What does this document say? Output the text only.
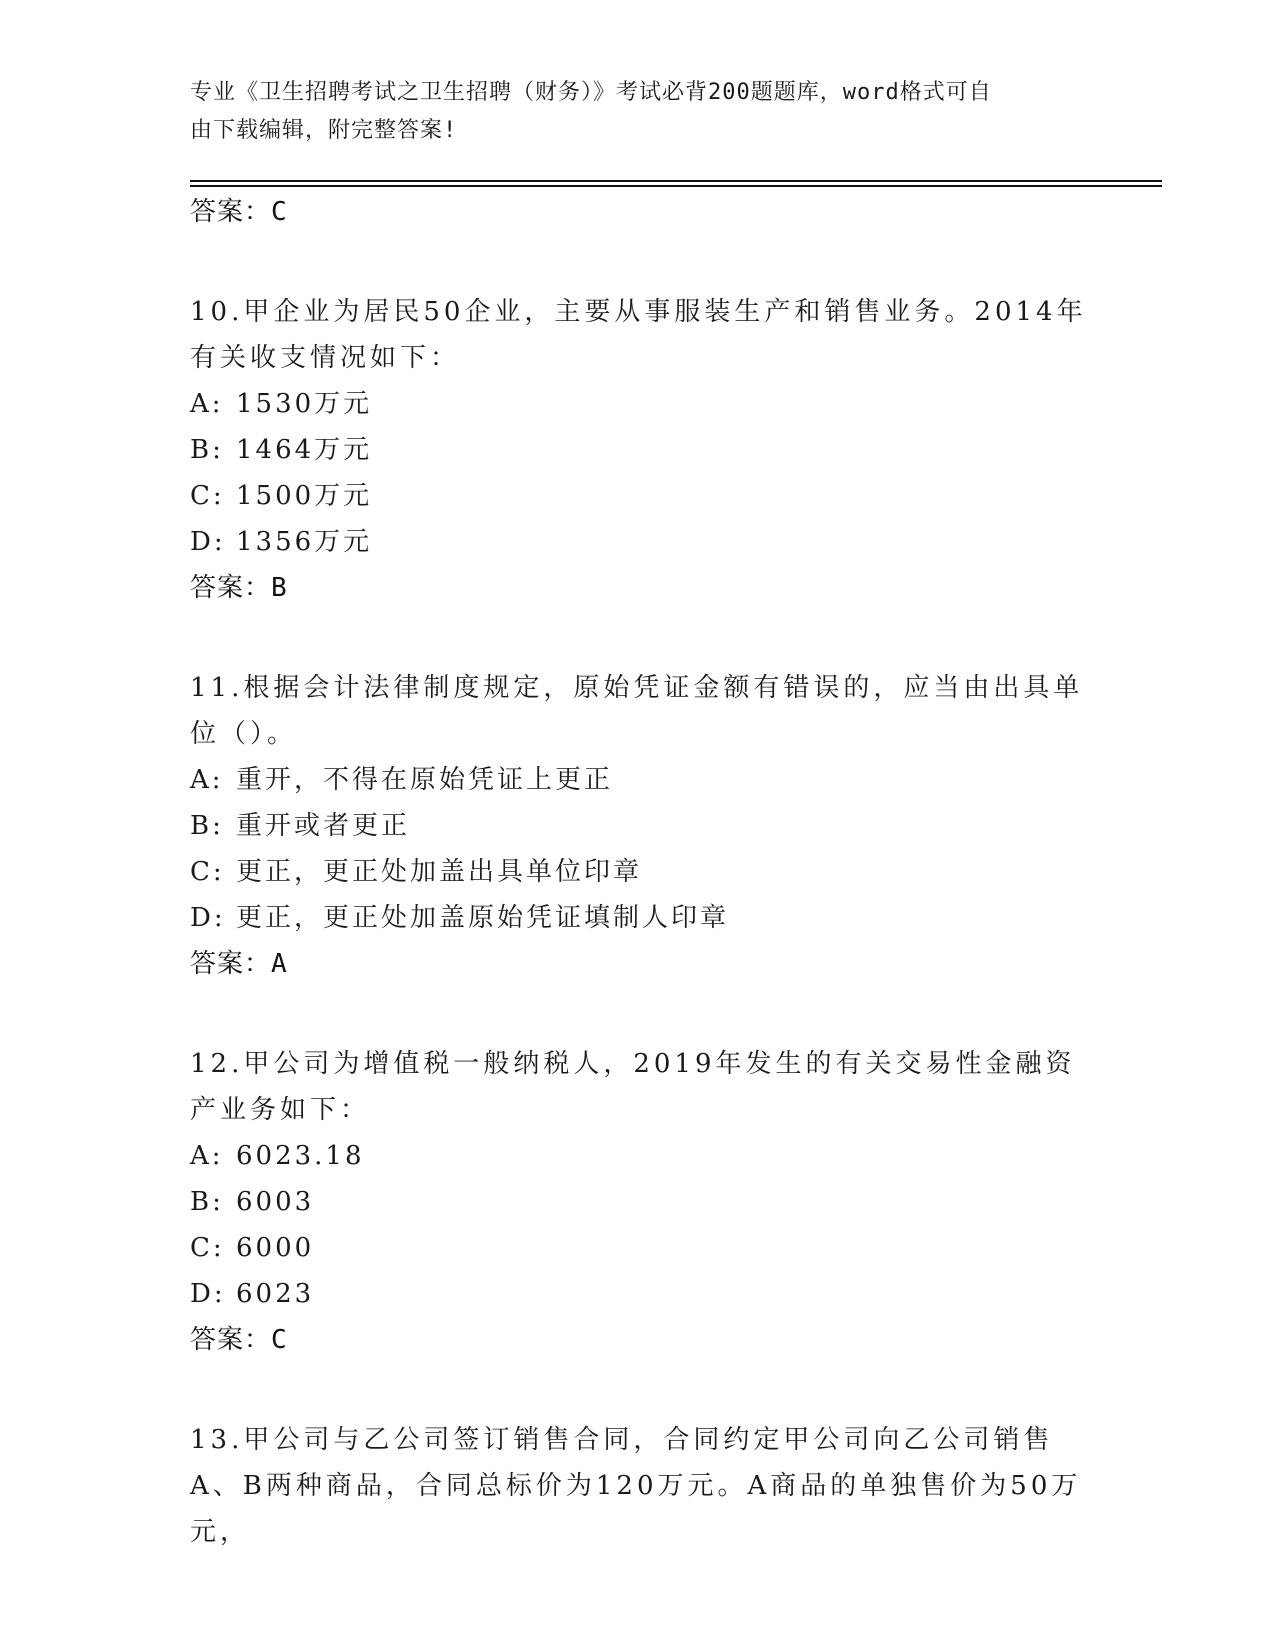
专业《卫生招聘考试之卫生招聘（财务）》考试必背200题题库，word格式可自
由下载编辑，附完整答案!
答案：C
10.甲企业为居民50企业，主要从事服装生产和销售业务。2014年有关收支情况如下：
A: 1530万元
B: 1464万元
C: 1500万元
D: 1356万元
答案：B
11.根据会计法律制度规定，原始凭证金额有错误的，应当由出具单位（）。
A: 重开，不得在原始凭证上更正
B: 重开或者更正
C: 更正，更正处加盖出具单位印章
D: 更正，更正处加盖原始凭证填制人印章
答案：A
12.甲公司为增值税一般纳税人，2019年发生的有关交易性金融资产业务如下：
A: 6023.18
B: 6003
C: 6000
D: 6023
答案：C
13.甲公司与乙公司签订销售合同，合同约定甲公司向乙公司销售A、B两种商品，合同总标价为120万元。A商品的单独售价为50万元，
